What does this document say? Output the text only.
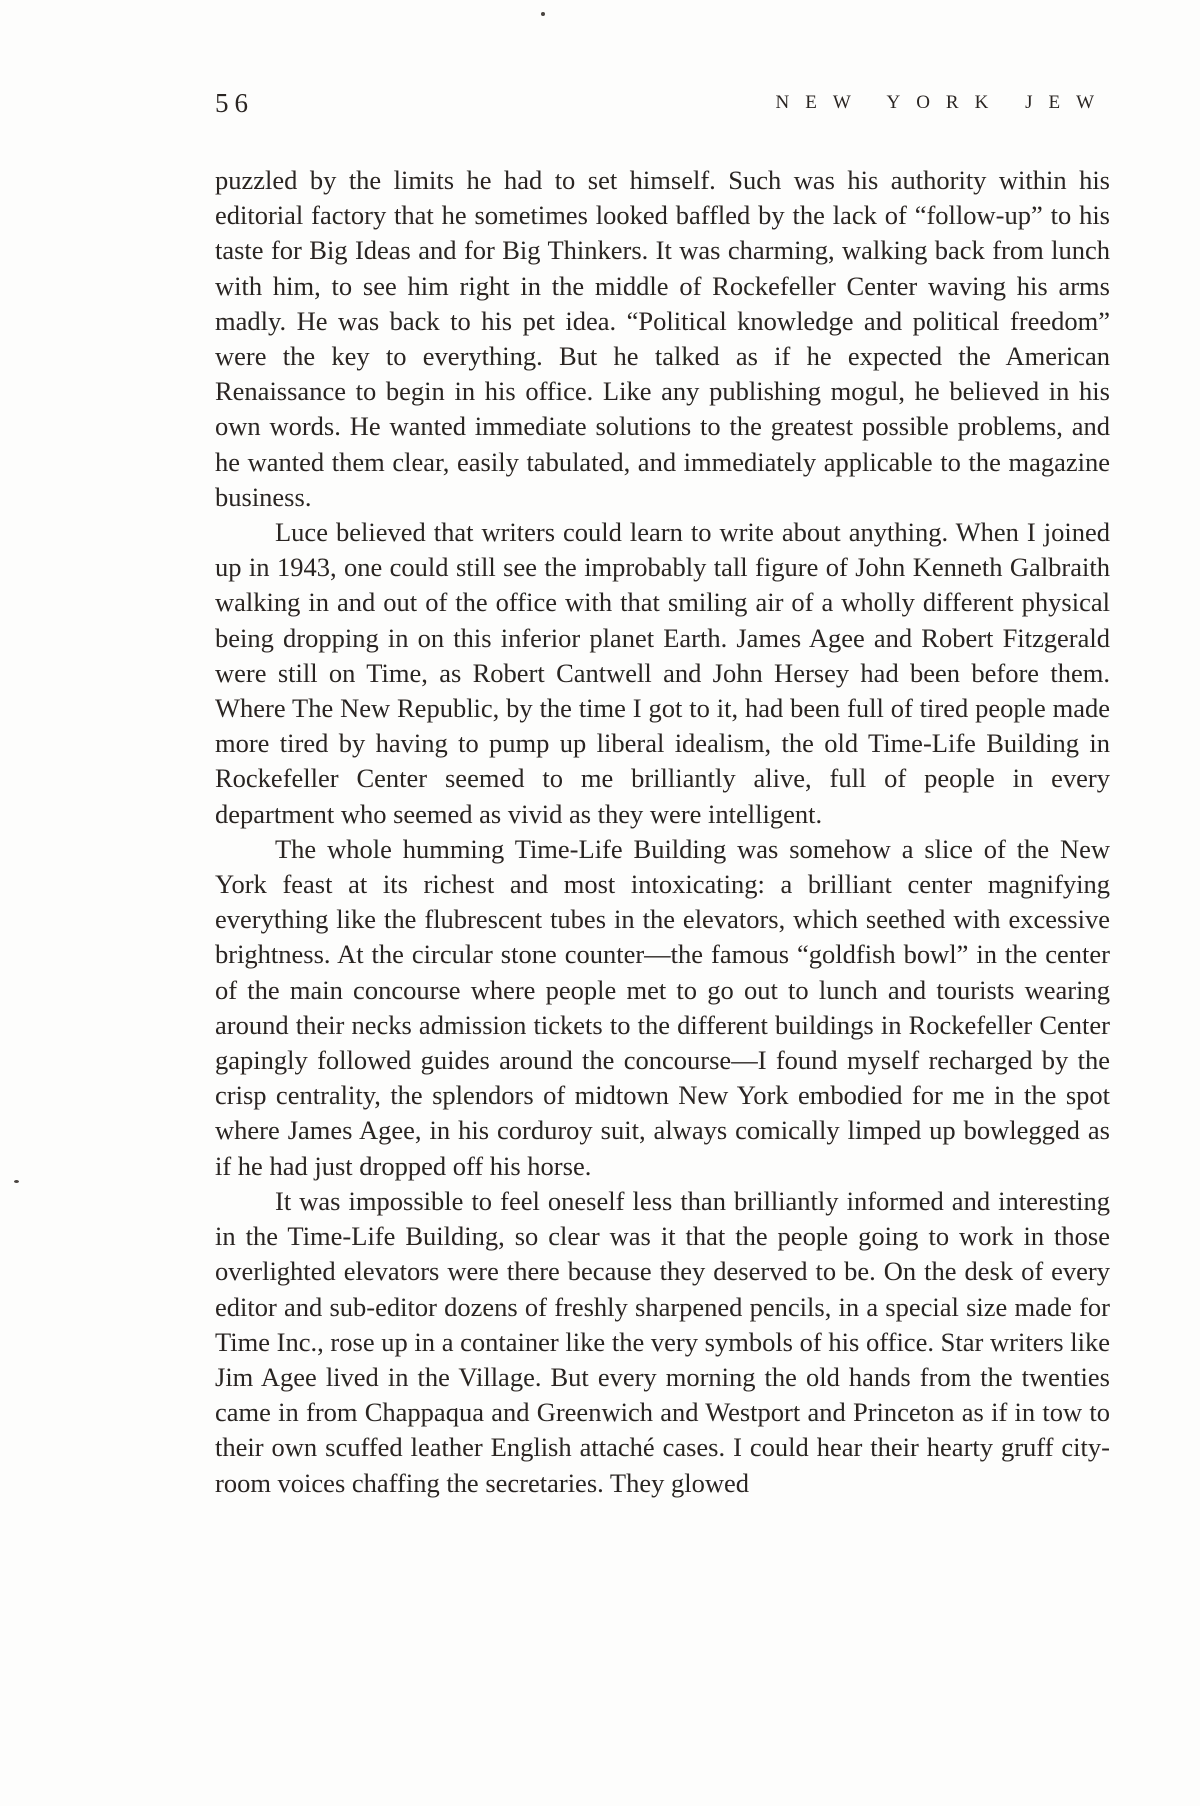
56	NEW YORK JEW

puzzled by the limits he had to set himself. Such was his authority within his editorial factory that he sometimes looked baffled by the lack of “follow-up” to his taste for Big Ideas and for Big Thinkers. It was charming, walking back from lunch with him, to see him right in the middle of Rockefeller Center waving his arms madly. He was back to his pet idea. “Political knowledge and political freedom” were the key to everything. But he talked as if he expected the American Renaissance to begin in his office. Like any publishing mogul, he believed in his own words. He wanted immediate solutions to the greatest possible problems, and he wanted them clear, easily tabulated, and immediately applicable to the magazine business.

Luce believed that writers could learn to write about anything. When I joined up in 1943, one could still see the improbably tall figure of John Kenneth Galbraith walking in and out of the office with that smiling air of a wholly different physical being dropping in on this inferior planet Earth. James Agee and Robert Fitzgerald were still on Time, as Robert Cantwell and John Hersey had been before them. Where The New Republic, by the time I got to it, had been full of tired people made more tired by having to pump up liberal idealism, the old Time-Life Building in Rockefeller Center seemed to me brilliantly alive, full of people in every department who seemed as vivid as they were intelligent.

The whole humming Time-Life Building was somehow a slice of the New York feast at its richest and most intoxicating: a brilliant center magnifying everything like the flubrescent tubes in the elevators, which seethed with excessive brightness. At the circular stone counter—the famous “goldfish bowl” in the center of the main concourse where people met to go out to lunch and tourists wearing around their necks admission tickets to the different buildings in Rockefeller Center gapingly followed guides around the concourse—I found myself recharged by the crisp centrality, the splendors of midtown New York embodied for me in the spot where James Agee, in his corduroy suit, always comically limped up bowlegged as if he had just dropped off his horse.

It was impossible to feel oneself less than brilliantly informed and interesting in the Time-Life Building, so clear was it that the people going to work in those overlighted elevators were there because they deserved to be. On the desk of every editor and sub-editor dozens of freshly sharpened pencils, in a special size made for Time Inc., rose up in a container like the very symbols of his office. Star writers like Jim Agee lived in the Village. But every morning the old hands from the twenties came in from Chappaqua and Greenwich and Westport and Princeton as if in tow to their own scuffed leather English attaché cases. I could hear their hearty gruff city-room voices chaffing the secretaries. They glowed
